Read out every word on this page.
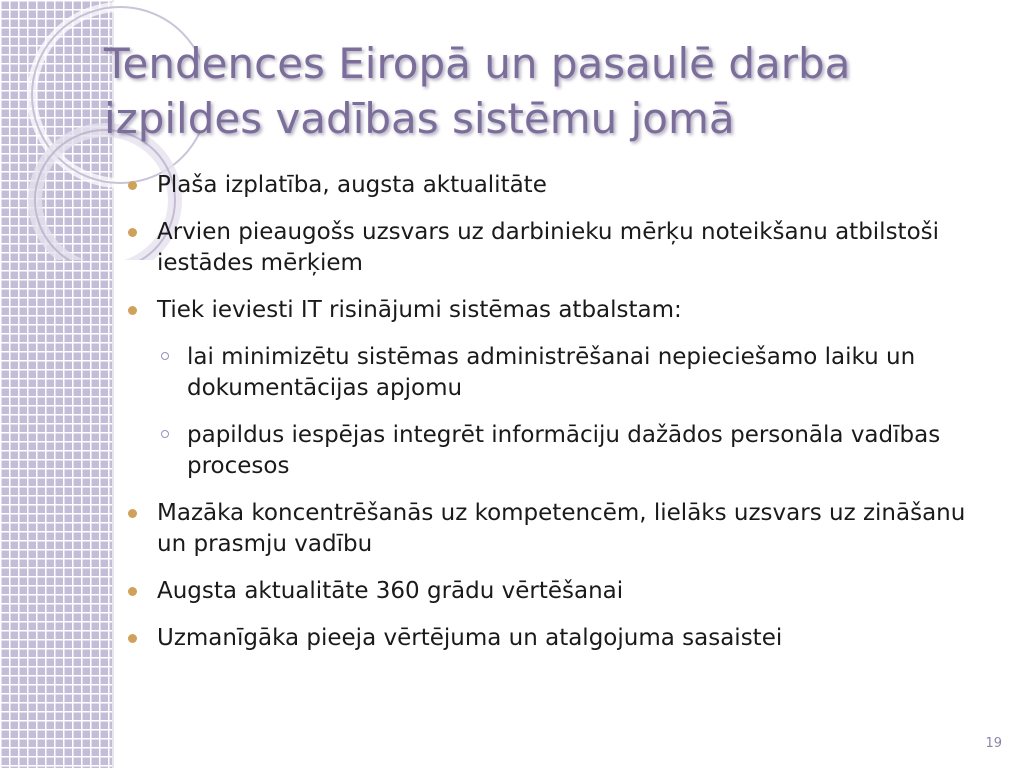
Tendences Eiropā un pasaulē darba
izpildes vadības sistēmu jomā
Plaša izplatība, augsta aktualitāte
Arvien pieaugošs uzsvars uz darbinieku mērķu noteikšanu atbilstoši iestādes mērķiem
Tiek ieviesti IT risinājumi sistēmas atbalstam:
lai minimizētu sistēmas administrēšanai nepieciešamo laiku un dokumentācijas apjomu
papildus iespējas integrēt informāciju dažādos personāla vadības procesos
Mazāka koncentrēšanās uz kompetencēm, lielāks uzsvars uz zināšanu un prasmju vadību
Augsta aktualitāte 360 grādu vērtēšanai
Uzmanīgāka pieeja vērtējuma un atalgojuma sasaistei
19
